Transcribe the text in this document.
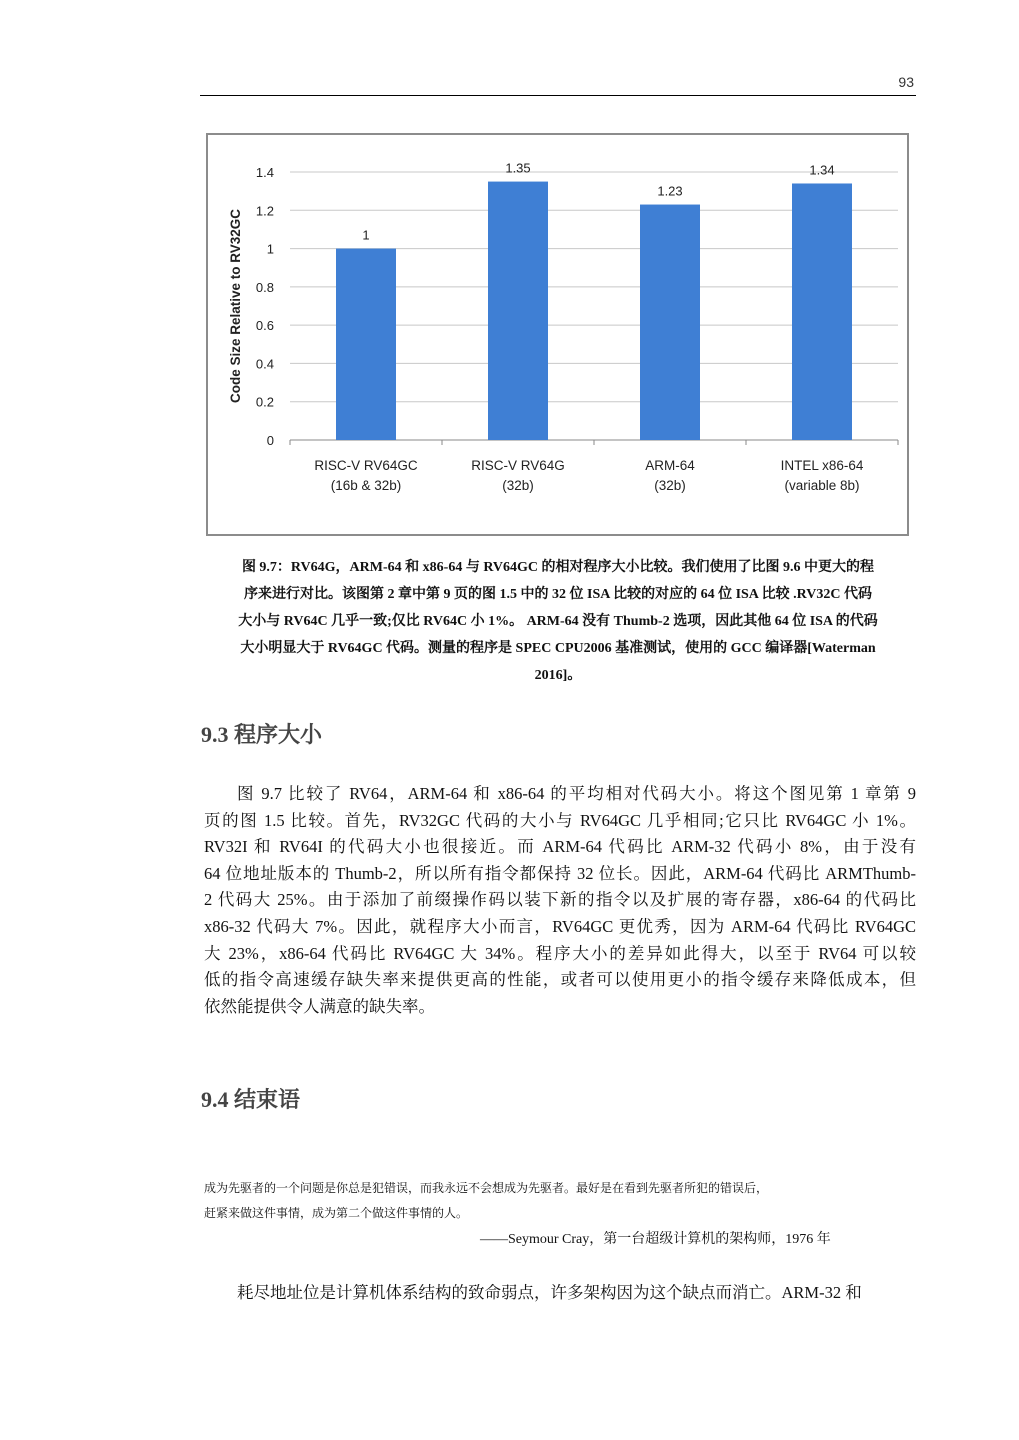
93
0
0.2
0.4
0.6
0.8
1
1.2
1.4
1
RISC-V RV64GC
(16b & 32b)
1.35
RISC-V RV64G
(32b)
1.23
ARM-64
(32b)
1.34
INTEL x86-64
(variable 8b)
Code Size Relative to RV32GC
图 9.7：RV64G，ARM-64 和 x86-64 与 RV64GC 的相对程序大小比较。我们使用了比图 9.6 中更大的程
序来进行对比。该图第 2 章中第 9 页的图 1.5 中的 32 位 ISA 比较的对应的 64 位 ISA 比较 .RV32C 代码
大小与 RV64C 几乎一致;仅比 RV64C 小 1%。 ARM-64 没有 Thumb-2 选项，因此其他 64 位 ISA 的代码
大小明显大于 RV64GC 代码。测量的程序是 SPEC CPU2006 基准测试，使用的 GCC 编译器[Waterman
2016]。
9.3 程序大小
图 9.7 比较了 RV64，ARM-64 和 x86-64 的平均相对代码大小。将这个图见第 1 章第 9
页的图 1.5 比较。首先，RV32GC 代码的大小与 RV64GC 几乎相同;它只比 RV64GC 小 1%。
RV32I 和 RV64I 的代码大小也很接近。而 ARM-64 代码比 ARM-32 代码小 8%，由于没有
64 位地址版本的 Thumb-2，所以所有指令都保持 32 位长。因此，ARM-64 代码比 ARMThumb-
2 代码大 25%。由于添加了前缀操作码以装下新的指令以及扩展的寄存器，x86-64 的代码比
x86-32 代码大 7%。因此，就程序大小而言，RV64GC 更优秀，因为 ARM-64 代码比 RV64GC
大 23%，x86-64 代码比 RV64GC 大 34%。程序大小的差异如此得大，以至于 RV64 可以较
低的指令高速缓存缺失率来提供更高的性能，或者可以使用更小的指令缓存来降低成本，但
依然能提供令人满意的缺失率。
9.4 结束语
成为先驱者的一个问题是你总是犯错误，而我永远不会想成为先驱者。最好是在看到先驱者所犯的错误后，
赶紧来做这件事情，成为第二个做这件事情的人。
——Seymour Cray，第一台超级计算机的架构师，1976 年
耗尽地址位是计算机体系结构的致命弱点，许多架构因为这个缺点而消亡。ARM-32 和
